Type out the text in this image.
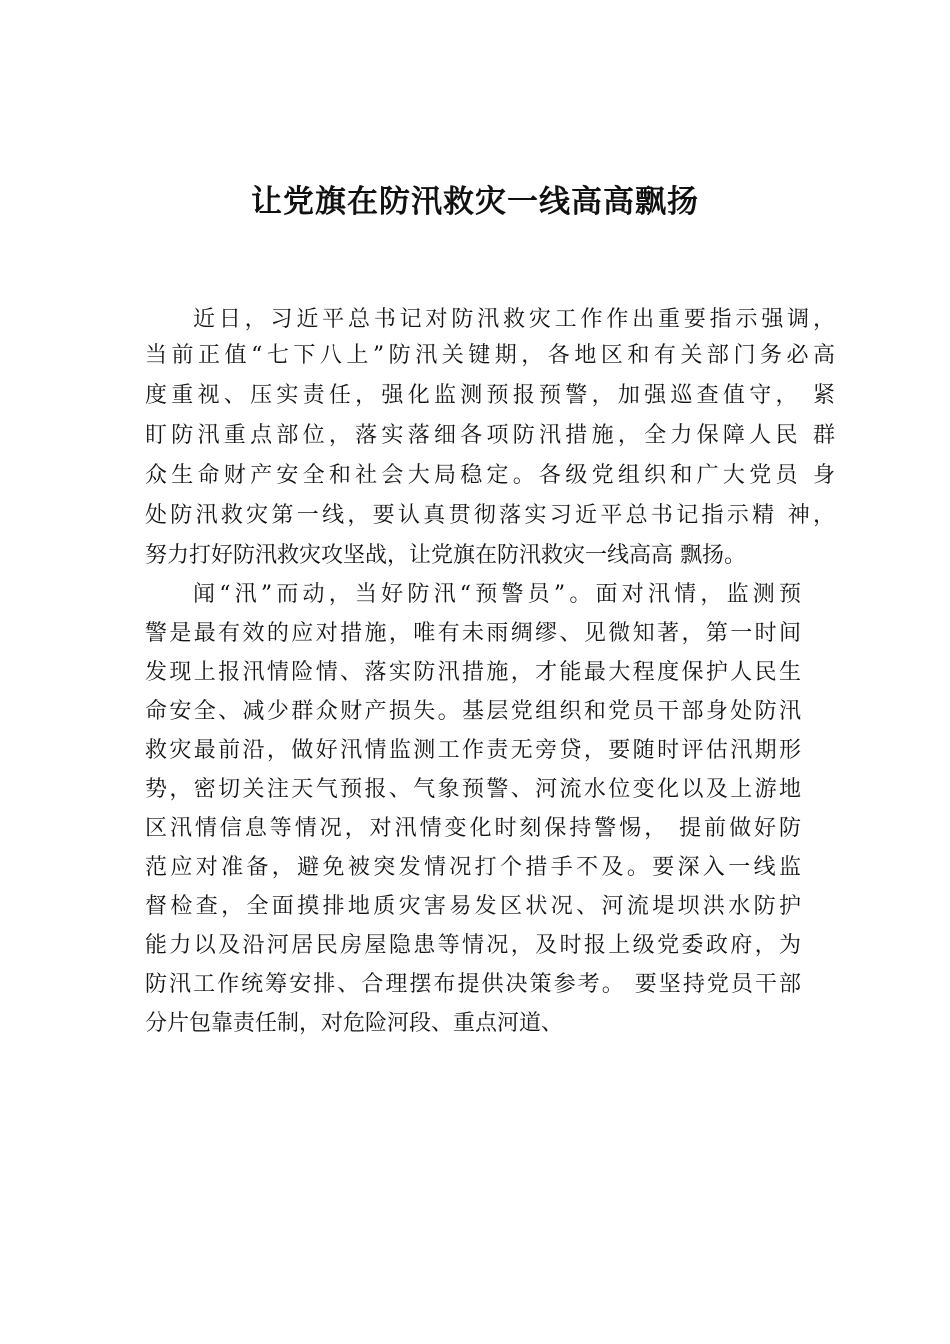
让党旗在防汛救灾一线高高飘扬
近日，习近平总书记对防汛救灾工作作出重要指示强调，
当前正值“七下八上”防汛关键期，各地区和有关部门务必高
度重视、压实责任，强化监测预报预警，加强巡查值守， 紧
盯防汛重点部位，落实落细各项防汛措施，全力保障人民 群
众生命财产安全和社会大局稳定。各级党组织和广大党员 身
处防汛救灾第一线，要认真贯彻落实习近平总书记指示精 神，
努力打好防汛救灾攻坚战，让党旗在防汛救灾一线高高 飘扬。
闻“汛”而动，当好防汛“预警员”。面对汛情，监测预
警是最有效的应对措施，唯有未雨绸缪、见微知著，第一时间
发现上报汛情险情、落实防汛措施，才能最大程度保护人民生
命安全、减少群众财产损失。基层党组织和党员干部身处防汛
救灾最前沿，做好汛情监测工作责无旁贷，要随时评估汛期形
势，密切关注天气预报、气象预警、河流水位变化以及上游地
区汛情信息等情况，对汛情变化时刻保持警惕， 提前做好防
范应对准备，避免被突发情况打个措手不及。要深入一线监
督检查，全面摸排地质灾害易发区状况、河流堤坝洪水防护
能力以及沿河居民房屋隐患等情况，及时报上级党委政府，为
防汛工作统筹安排、合理摆布提供决策参考。 要坚持党员干部
分片包靠责任制，对危险河段、重点河道、
